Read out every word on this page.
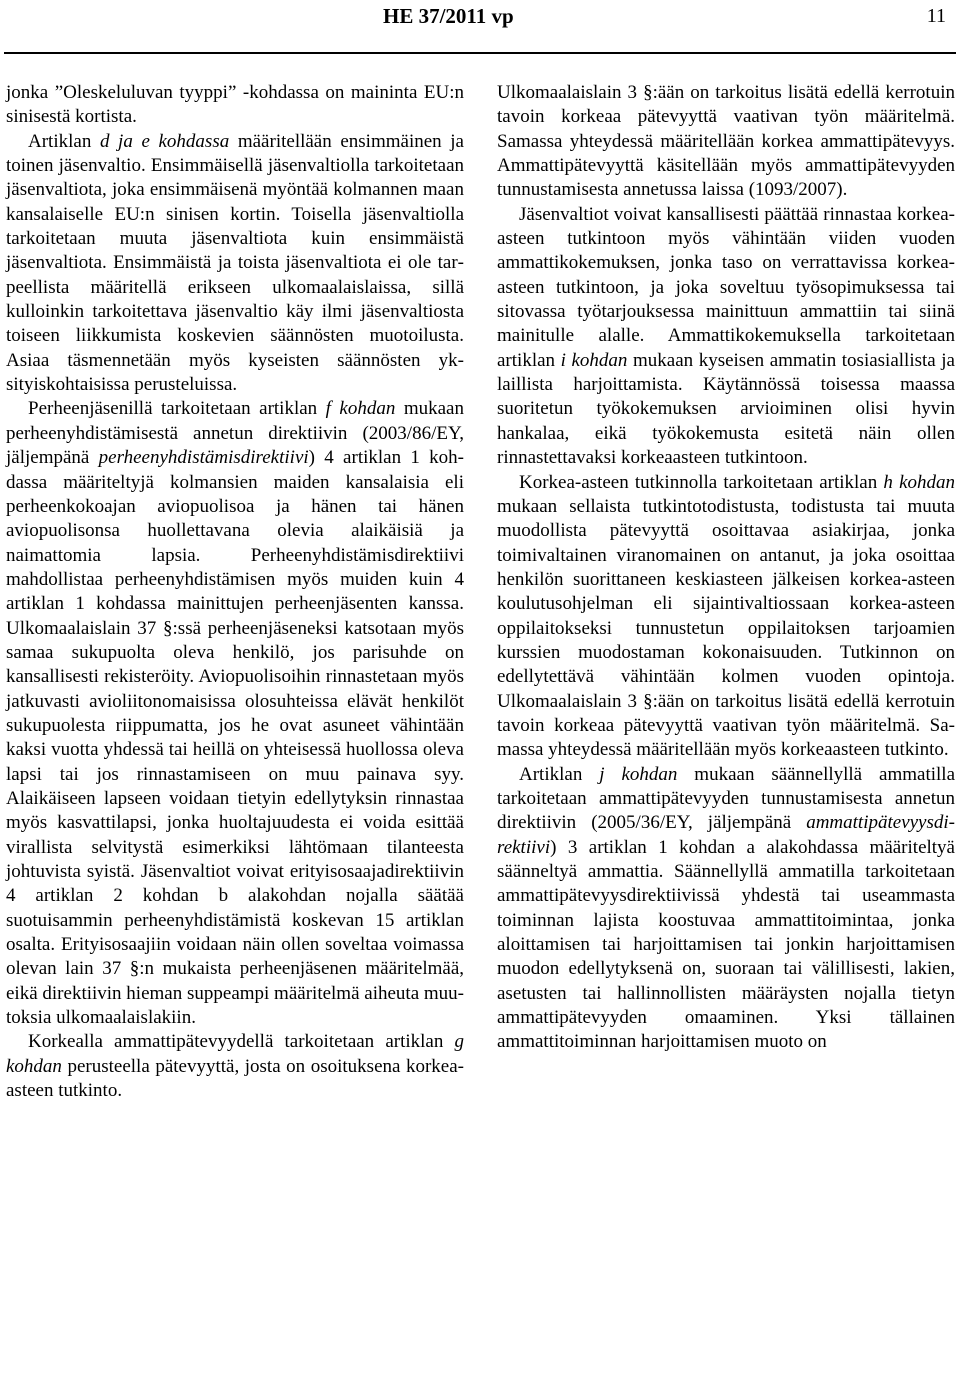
HE 37/2011 vp	11

jonka ”Oleskeluluvan tyyppi” -kohdassa on maininta EU:n sinisestä kortista.

Artiklan d ja e kohdassa määritellään ensimmäinen ja toinen jäsenvaltio. Ensimmäisellä jäsenvaltiolla tarkoitetaan jäsenvaltiota, joka ensimmäisenä myöntää kolmannen maan kansalaiselle EU:n sinisen kortin. Toisella jäsenvaltiolla tarkoitetaan muuta jäsenvaltiota kuin ensimmäistä jäsenvaltiota. Ensimmäistä ja toista jäsenvaltiota ei ole tarpeellista määritellä erikseen ulkomaalaislaissa, sillä kulloinkin tarkoitettava jäsenvaltio käy ilmi jäsenvaltiosta toiseen liikkumista koskevien säännösten muotoilusta. Asiaa täsmennetään myös kyseisten säännösten yksityiskohtaisissa perusteluissa.

Perheenjäsenillä tarkoitetaan artiklan f kohdan mukaan perheenyhdistämisestä annetun direktiivin (2003/86/EY, jäljempänä perheenyhdistämisdirektiivi) 4 artiklan 1 kohdassa määriteltyjä kolmansien maiden kansalaisia eli perheenkokoajan aviopuolisoa ja hänen tai hänen aviopuolisonsa huollettavana olevia alaikäisiä ja naimattomia lapsia. Perheenyhdistämisdirektiivi mahdollistaa perheenyhdistämisen myös muiden kuin 4 artiklan 1 kohdassa mainittujen perheenjäsenten kanssa. Ulkomaalaislain 37 §:ssä perheenjäseneksi katsotaan myös samaa sukupuolta oleva henkilö, jos parisuhde on kansallisesti rekisteröity. Aviopuolisoihin rinnastetaan myös jatkuvasti avioliitonomaisissa olosuhteissa elävät henkilöt sukupuolesta riippumatta, jos he ovat asuneet vähintään kaksi vuotta yhdessä tai heillä on yhteisessä huollossa oleva lapsi tai jos rinnastamiseen on muu painava syy. Alaikäiseen lapseen voidaan tietyin edellytyksin rinnastaa myös kasvattilapsi, jonka huoltajuudesta ei voida esittää virallista selvitystä esimerkiksi lähtömaan tilanteesta johtuvista syistä. Jäsenvaltiot voivat erityisosaajadirektiivin 4 artiklan 2 kohdan b alakohdan nojalla säätää suotuisammin perheenyhdistämistä koskevan 15 artiklan osalta. Erityisosaajiin voidaan näin ollen soveltaa voimassa olevan lain 37 §:n mukaista perheenjäsenen määritelmää, eikä direktiivin hieman suppeampi määritelmä aiheuta muutoksia ulkomaalaislakiin.

Korkealla ammattipätevyydellä tarkoitetaan artiklan g kohdan perusteella pätevyyttä, josta on osoituksena korkea-asteen tutkinto.

Ulkomaalaislain 3 §:ään on tarkoitus lisätä edellä kerrotuin tavoin korkeaa pätevyyttä vaativan työn määritelmä. Samassa yhteydessä määritellään korkea ammattipätevyys. Ammattipätevyyttä käsitellään myös ammattipätevyyden tunnustamisesta annetussa laissa (1093/2007).

Jäsenvaltiot voivat kansallisesti päättää rinnastaa korkea-asteen tutkintoon myös vähintään viiden vuoden ammattikokemuksen, jonka taso on verrattavissa korkea-asteen tutkintoon, ja joka soveltuu työsopimuksessa tai sitovassa työtarjouksessa mainittuun ammattiin tai siinä mainitulle alalle. Ammattikokemuksella tarkoitetaan artiklan i kohdan mukaan kyseisen ammatin tosiasiallista ja laillista harjoittamista. Käytännössä toisessa maassa suoritetun työkokemuksen arvioiminen olisi hyvin hankalaa, eikä työkokemusta esitetä näin ollen rinnastettavaksi korkeaasteen tutkintoon.

Korkea-asteen tutkinnolla tarkoitetaan artiklan h kohdan mukaan sellaista tutkintotodistusta, todistusta tai muuta muodollista pätevyyttä osoittavaa asiakirjaa, jonka toimivaltainen viranomainen on antanut, ja joka osoittaa henkilön suorittaneen keskiasteen jälkeisen korkea-asteen koulutusohjelman eli sijaintivaltiossaan korkea-asteen oppilaitokseksi tunnustetun oppilaitoksen tarjoamien kurssien muodostaman kokonaisuuden. Tutkinnon on edellytettävä vähintään kolmen vuoden opintoja. Ulkomaalaislain 3 §:ään on tarkoitus lisätä edellä kerrotuin tavoin korkeaa pätevyyttä vaativan työn määritelmä. Samassa yhteydessä määritellään myös korkeaasteen tutkinto.

Artiklan j kohdan mukaan säännellyllä ammatilla tarkoitetaan ammattipätevyyden tunnustamisesta annetun direktiivin (2005/36/EY, jäljempänä ammattipätevyysdirektiivi) 3 artiklan 1 kohdan a alakohdassa määriteltyä säänneltyä ammattia. Säännellyllä ammatilla tarkoitetaan ammattipätevyysdirektiivissä yhdestä tai useammasta toiminnan lajista koostuvaa ammattitoimintaa, jonka aloittamisen tai harjoittamisen tai jonkin harjoittamisen muodon edellytyksenä on, suoraan tai välillisesti, lakien, asetusten tai hallinnollisten määräysten nojalla tietyn ammattipätevyyden omaaminen. Yksi tällainen ammattitoiminnan harjoittamisen muoto on
